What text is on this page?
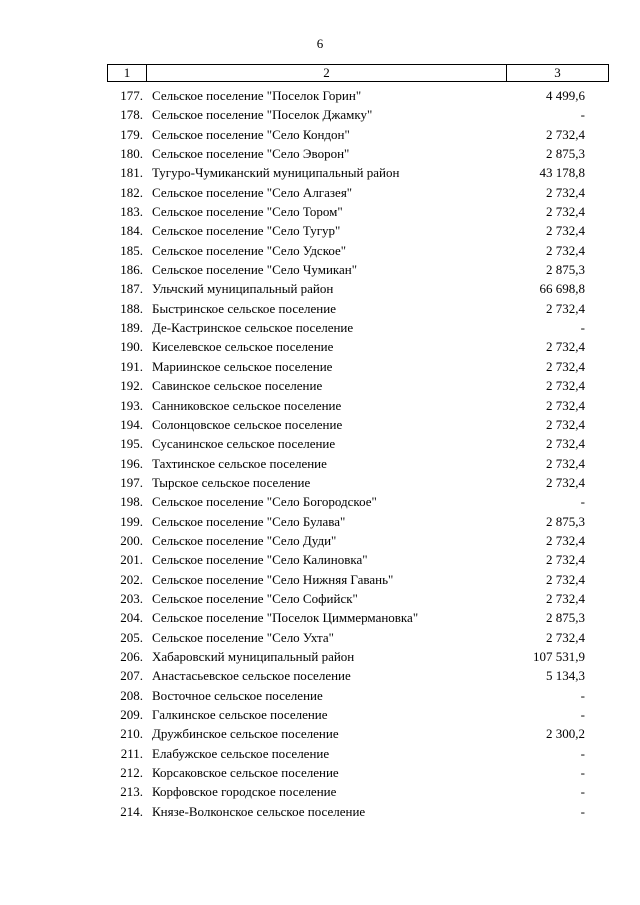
6
1	2	3
177. Сельское поселение "Поселок Горин"	4 499,6
178. Сельское поселение "Поселок Джамку"	-
179. Сельское поселение "Село Кондон"	2 732,4
180. Сельское поселение "Село Эворон"	2 875,3
181. Тугуро-Чумиканский муниципальный район	43 178,8
182. Сельское поселение "Село Алгазея"	2 732,4
183. Сельское поселение "Село Тором"	2 732,4
184. Сельское поселение "Село Тугур"	2 732,4
185. Сельское поселение "Село Удское"	2 732,4
186. Сельское поселение "Село Чумикан"	2 875,3
187. Ульчский муниципальный район	66 698,8
188. Быстринское сельское поселение	2 732,4
189. Де-Кастринское сельское поселение	-
190. Киселевское сельское поселение	2 732,4
191. Мариинское сельское поселение	2 732,4
192. Савинское сельское поселение	2 732,4
193. Санниковское сельское поселение	2 732,4
194. Солонцовское сельское поселение	2 732,4
195. Сусанинское сельское поселение	2 732,4
196. Тахтинское сельское поселение	2 732,4
197. Тырское сельское поселение	2 732,4
198. Сельское поселение "Село Богородское"	-
199. Сельское поселение "Село Булава"	2 875,3
200. Сельское поселение "Село Дуди"	2 732,4
201. Сельское поселение "Село Калиновка"	2 732,4
202. Сельское поселение "Село Нижняя Гавань"	2 732,4
203. Сельское поселение "Село Софийск"	2 732,4
204. Сельское поселение "Поселок Циммермановка"	2 875,3
205. Сельское поселение "Село Ухта"	2 732,4
206. Хабаровский муниципальный район	107 531,9
207. Анастасьевское сельское поселение	5 134,3
208. Восточное сельское поселение	-
209. Галкинское сельское поселение	-
210. Дружбинское сельское поселение	2 300,2
211. Елабужское сельское поселение	-
212. Корсаковское сельское поселение	-
213. Корфовское городское поселение	-
214. Князе-Волконское сельское поселение	-
